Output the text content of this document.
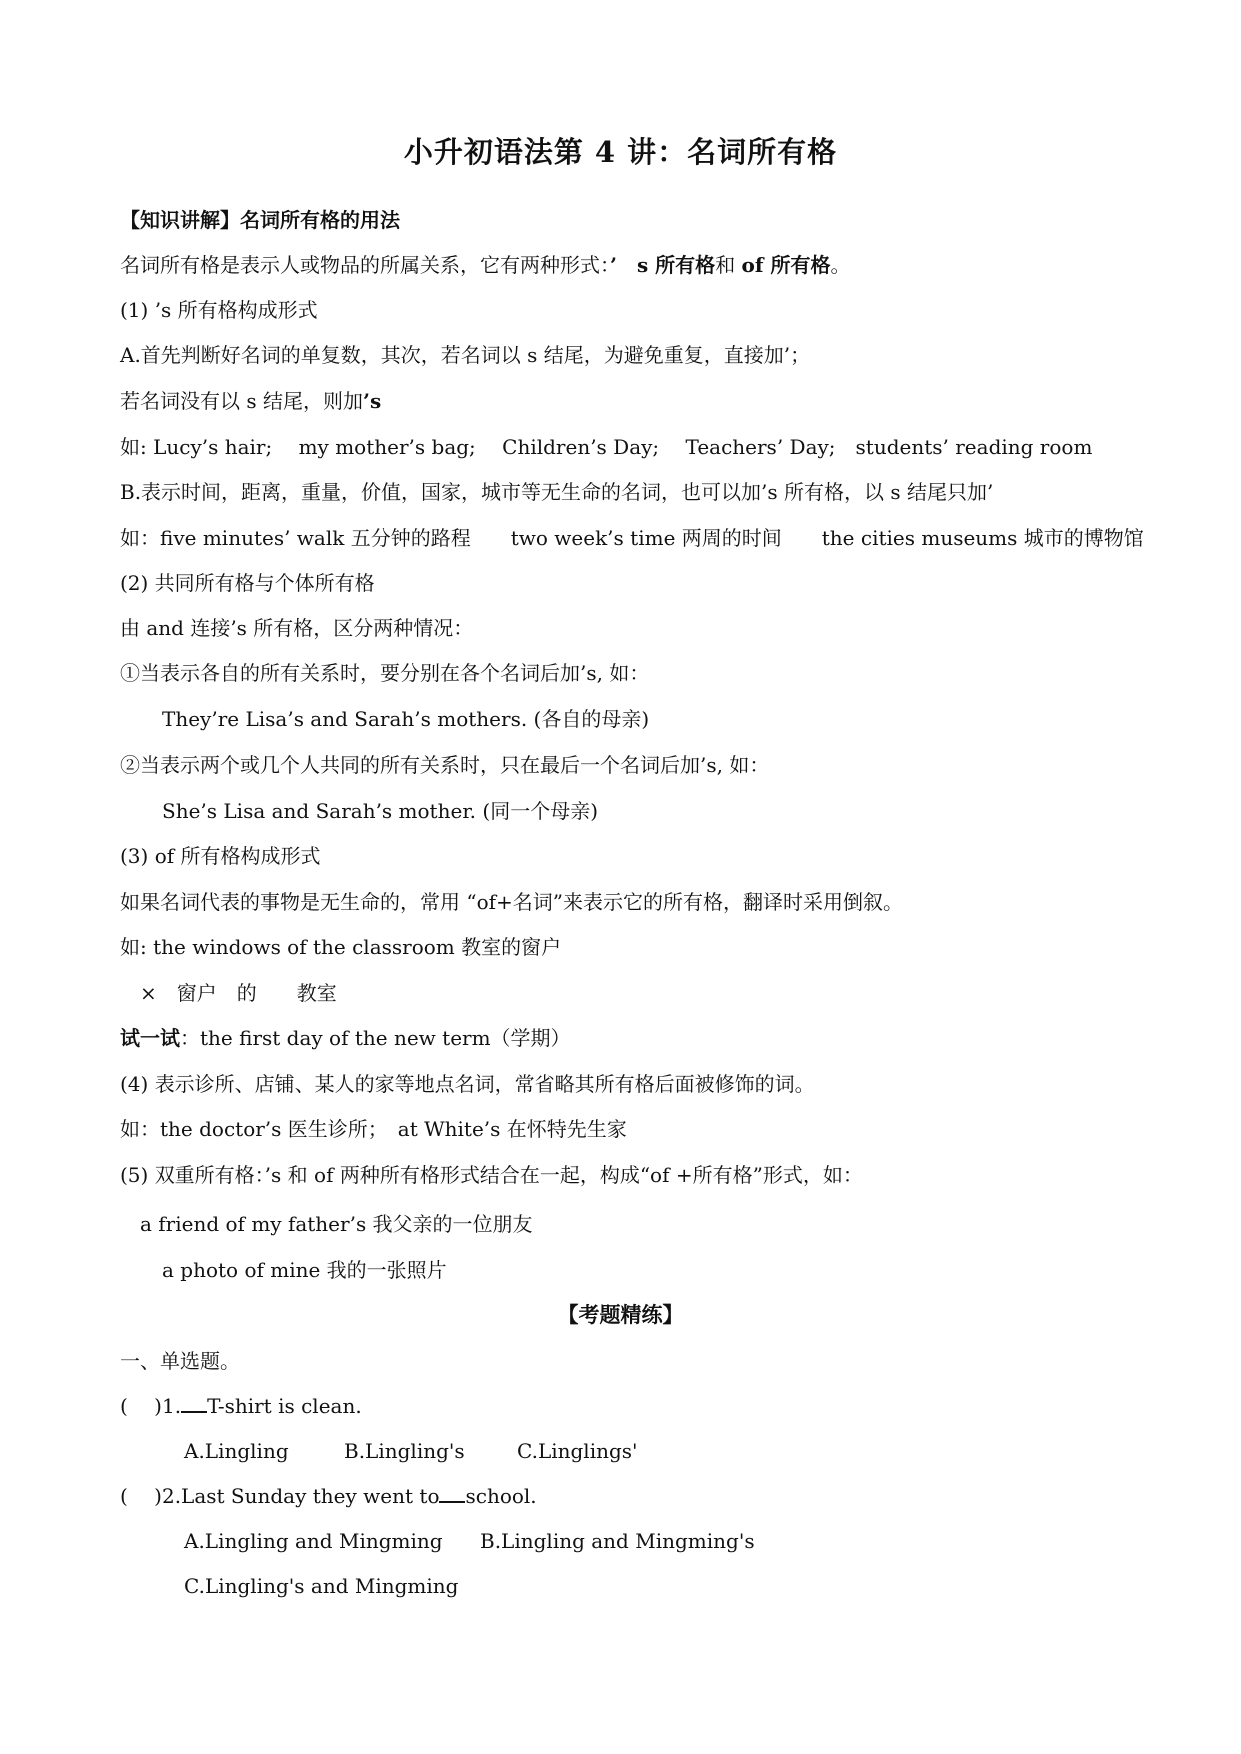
小升初语法第 4 讲：名词所有格
【知识讲解】名词所有格的用法
名词所有格是表示人或物品的所属关系，它有两种形式：’　s 所有格和 of 所有格。
(1) ’s 所有格构成形式
A.首先判断好名词的单复数，其次，若名词以 s 结尾，为避免重复，直接加’；
若名词没有以 s 结尾，则加’s
如: Lucy’s hair;　 my mother’s bag;　 Children’s Day;　 Teachers’ Day;　students’ reading room
B.表示时间，距离，重量，价值，国家，城市等无生命的名词，也可以加’s 所有格，以 s 结尾只加’
如：five minutes’ walk 五分钟的路程　　two week’s time 两周的时间　　the cities museums 城市的博物馆
(2) 共同所有格与个体所有格
由 and 连接’s 所有格，区分两种情况：
①当表示各自的所有关系时，要分别在各个名词后加’s, 如：
They’re Lisa’s and Sarah’s mothers. (各自的母亲)
②当表示两个或几个人共同的所有关系时，只在最后一个名词后加’s, 如：
She’s Lisa and Sarah’s mother. (同一个母亲)
(3) of 所有格构成形式
如果名词代表的事物是无生命的，常用 “of+名词”来表示它的所有格，翻译时采用倒叙。
如: the windows of the classroom 教室的窗户
×　窗户　的　　教室
试一试：the first day of the new term（学期）
(4) 表示诊所、店铺、某人的家等地点名词，常省略其所有格后面被修饰的词。
如：the doctor’s 医生诊所；　at White’s 在怀特先生家
(5) 双重所有格：’s 和 of 两种所有格形式结合在一起，构成“of +所有格”形式，如：
a friend of my father’s 我父亲的一位朋友
a photo of mine 我的一张照片
【考题精练】
一、单选题。
(　 )1. T-shirt is clean.
A.Lingling	B.Lingling's	C.Linglings'
(　 )2.Last Sunday they went to school.
A.Lingling and Mingming B.Lingling and Mingming's
C.Lingling's and Mingming
